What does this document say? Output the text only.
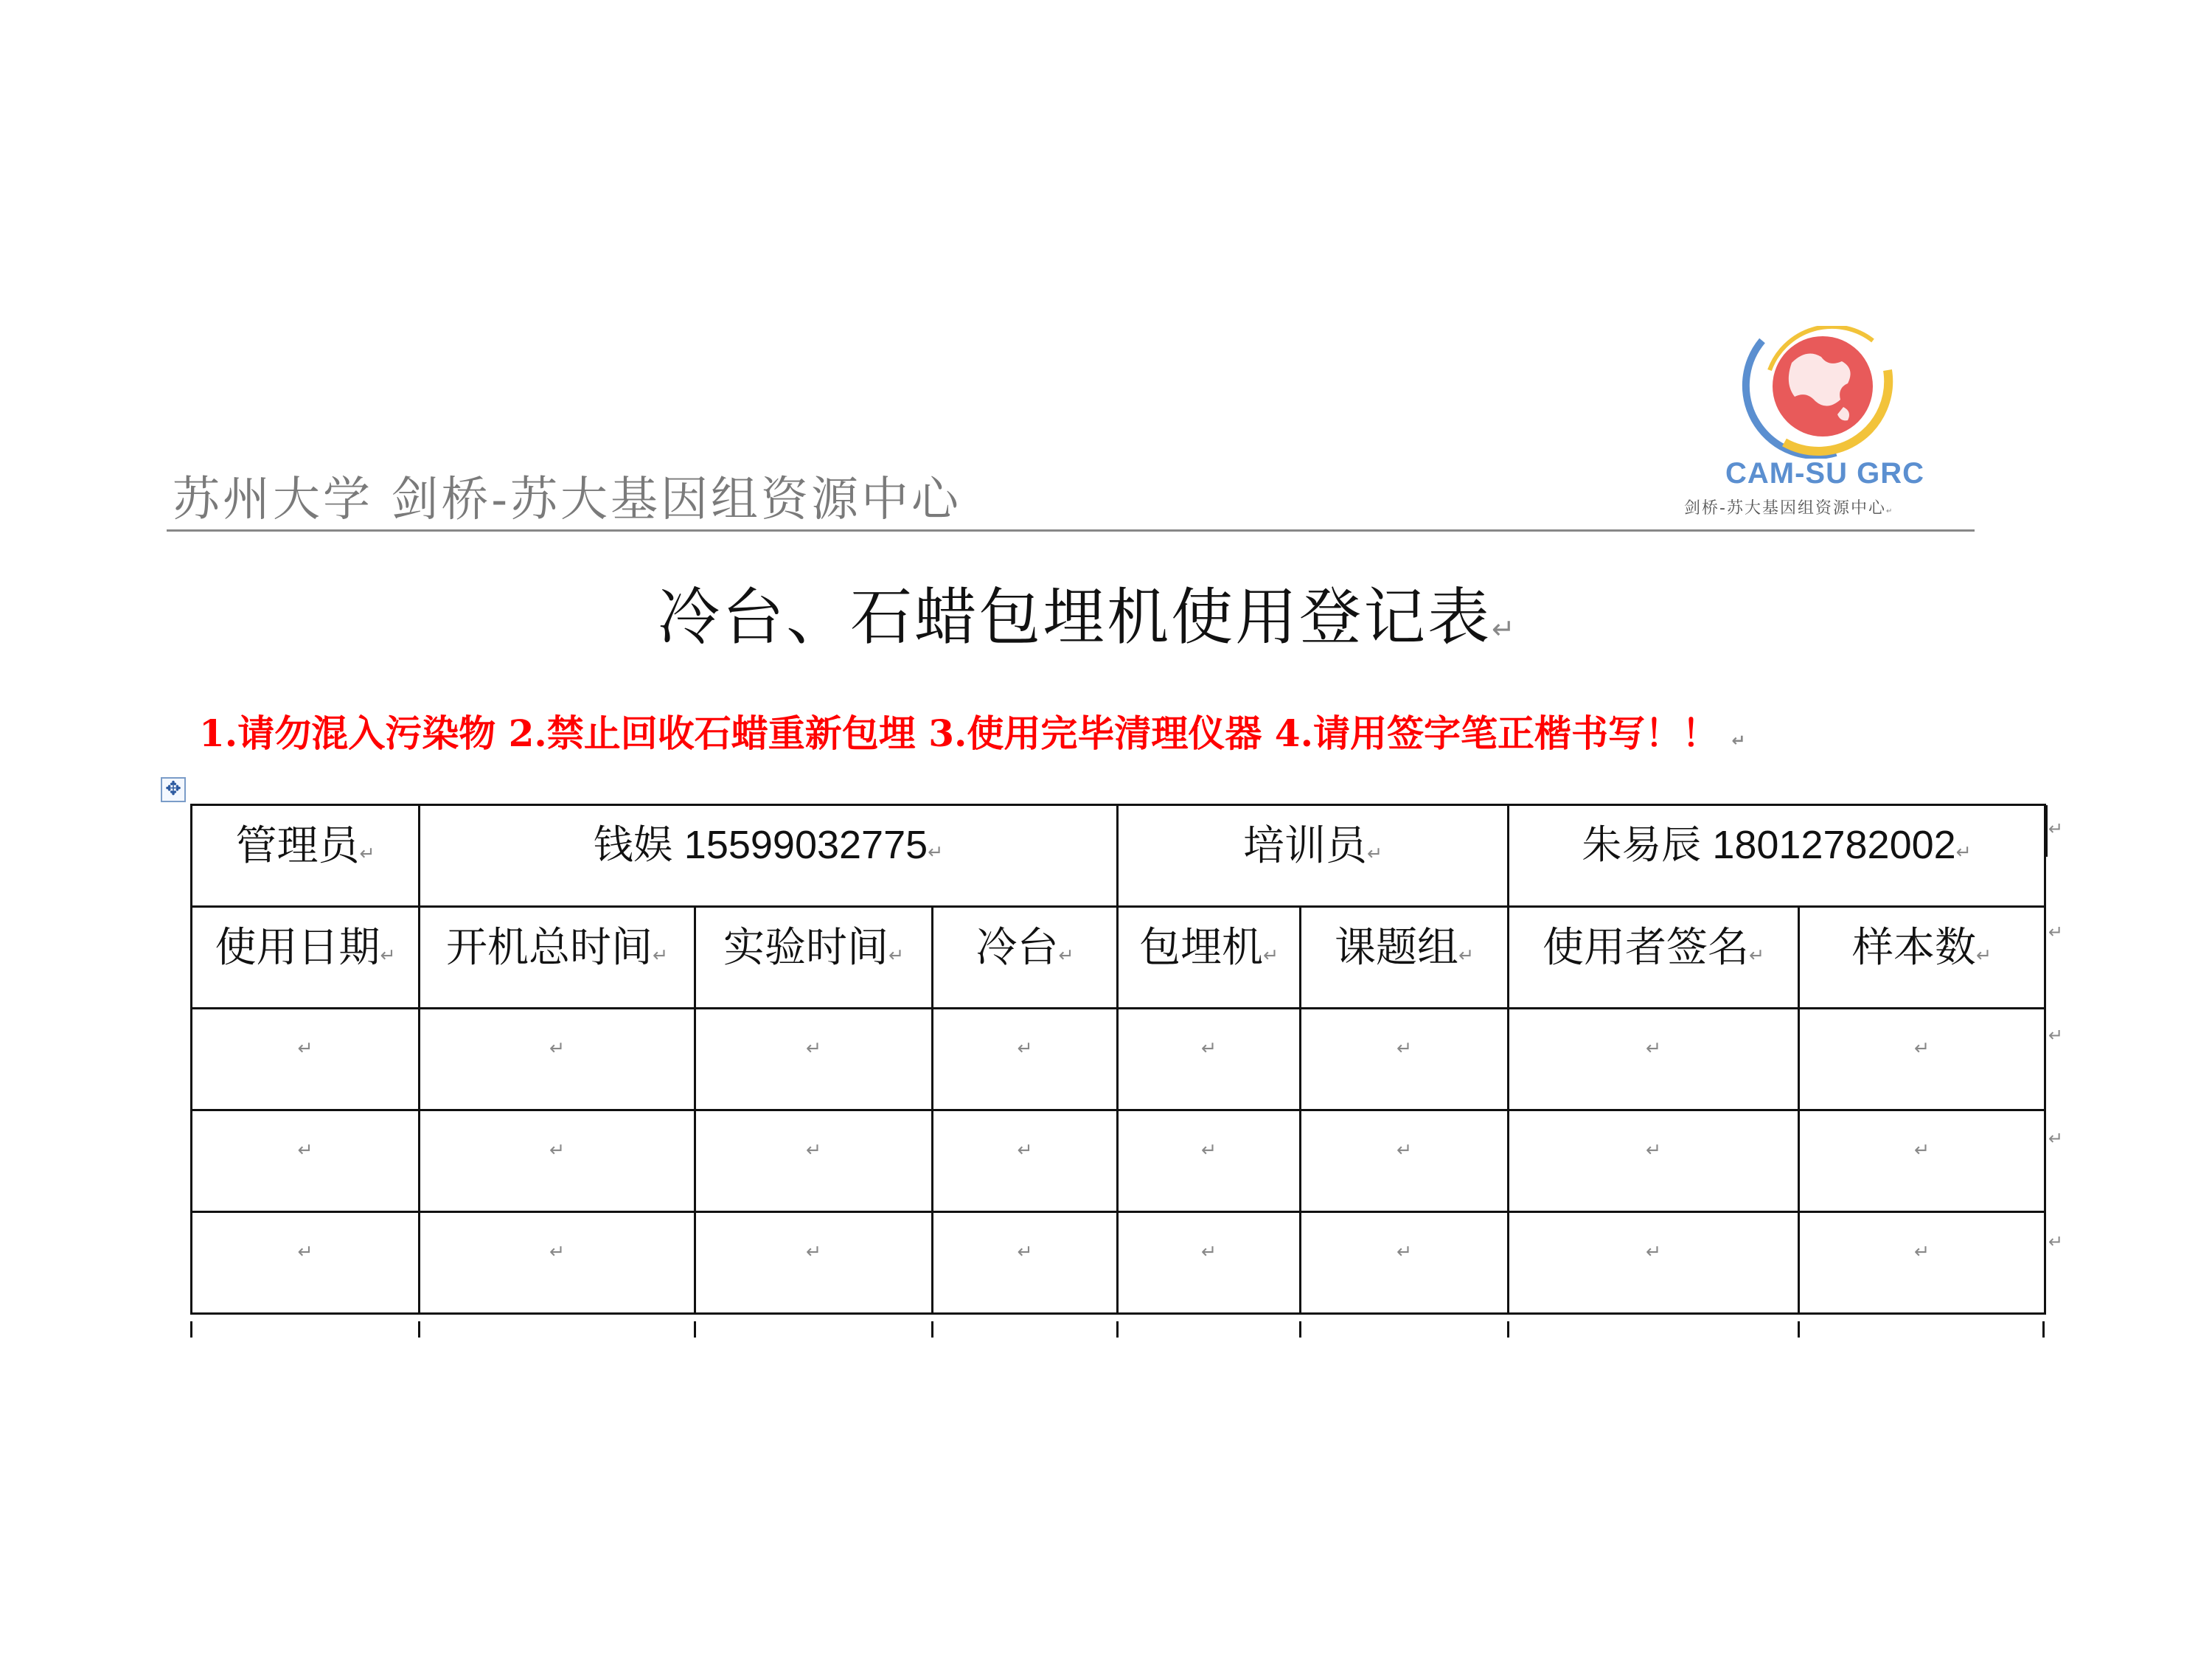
苏州大学 剑桥-苏大基因组资源中心	CAM-SU GRC
剑桥-苏大基因组资源中心↵
冷台、石蜡包埋机使用登记表↵
1.请勿混入污染物 2.禁止回收石蜡重新包埋 3.使用完毕清理仪器 4.请用签字笔正楷书写！！ ↵
✥
管理员↵	钱娱 15599032775↵			培训员↵		朱易辰 18012782002↵	
使用日期↵	开机总时间↵	实验时间↵	冷台↵	包埋机↵	课题组↵	使用者签名↵	样本数↵
↵	↵	↵	↵	↵	↵	↵	↵
↵	↵	↵	↵	↵	↵	↵	↵
↵	↵	↵	↵	↵	↵	↵	↵
↵
↵
↵
↵
↵
